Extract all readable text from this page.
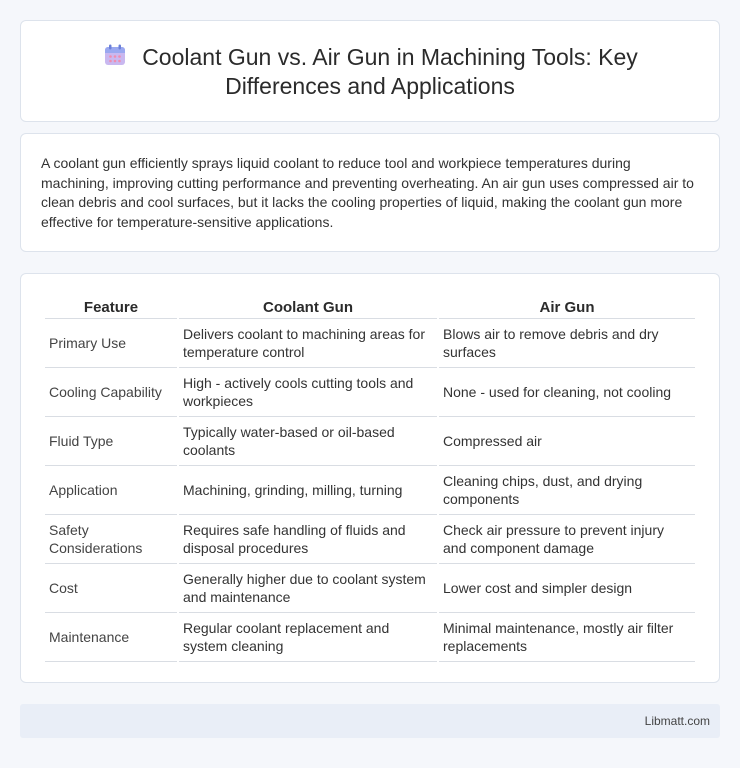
Coolant Gun vs. Air Gun in Machining Tools: Key Differences and Applications

A coolant gun efficiently sprays liquid coolant to reduce tool and workpiece temperatures during machining, improving cutting performance and preventing overheating. An air gun uses compressed air to clean debris and cool surfaces, but it lacks the cooling properties of liquid, making the coolant gun more effective for temperature-sensitive applications.

Feature	Coolant Gun	Air Gun
Primary Use	Delivers coolant to machining areas for temperature control	Blows air to remove debris and dry surfaces
Cooling Capability	High - actively cools cutting tools and workpieces	None - used for cleaning, not cooling
Fluid Type	Typically water-based or oil-based coolants	Compressed air
Application	Machining, grinding, milling, turning	Cleaning chips, dust, and drying components
Safety Considerations	Requires safe handling of fluids and disposal procedures	Check air pressure to prevent injury and component damage
Cost	Generally higher due to coolant system and maintenance	Lower cost and simpler design
Maintenance	Regular coolant replacement and system cleaning	Minimal maintenance, mostly air filter replacements
Libmatt.com
